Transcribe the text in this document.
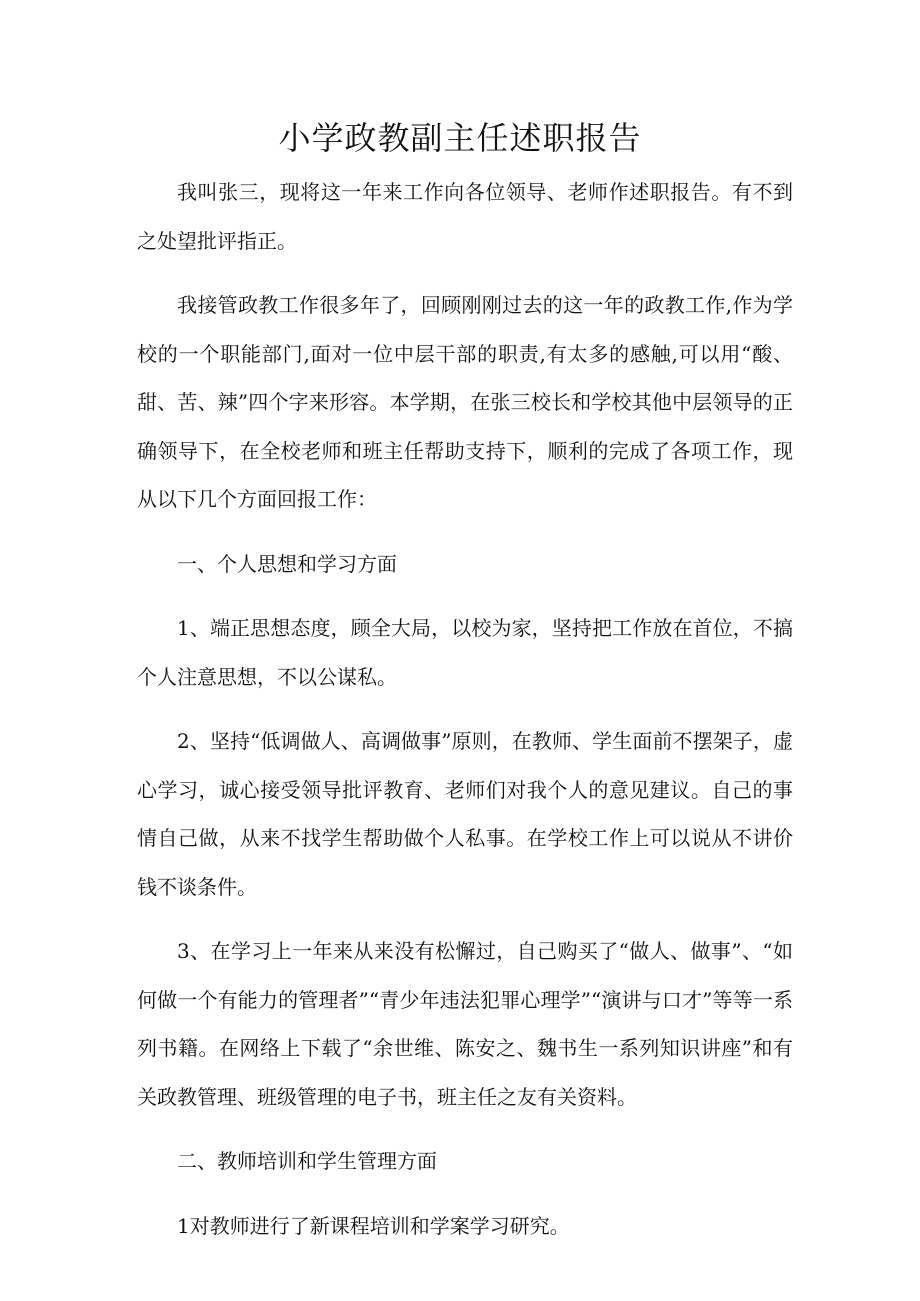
小学政教副主任述职报告

我叫张三，现将这一年来工作向各位领导、老师作述职报告。有不到之处望批评指正。

我接管政教工作很多年了，回顾刚刚过去的这一年的政教工作,作为学校的一个职能部门,面对一位中层干部的职责,有太多的感触,可以用“酸、甜、苦、辣”四个字来形容。本学期，在张三校长和学校其他中层领导的正确领导下，在全校老师和班主任帮助支持下，顺利的完成了各项工作，现从以下几个方面回报工作：

一、个人思想和学习方面

1、端正思想态度，顾全大局，以校为家，坚持把工作放在首位，不搞个人注意思想，不以公谋私。

2、坚持“低调做人、高调做事”原则，在教师、学生面前不摆架子，虚心学习，诚心接受领导批评教育、老师们对我个人的意见建议。自己的事情自己做，从来不找学生帮助做个人私事。在学校工作上可以说从不讲价钱不谈条件。

3、在学习上一年来从来没有松懈过，自己购买了“做人、做事”、“如何做一个有能力的管理者”“青少年违法犯罪心理学”“演讲与口才”等等一系列书籍。在网络上下载了“余世维、陈安之、魏书生一系列知识讲座”和有关政教管理、班级管理的电子书，班主任之友有关资料。

二、教师培训和学生管理方面

1对教师进行了新课程培训和学案学习研究。
